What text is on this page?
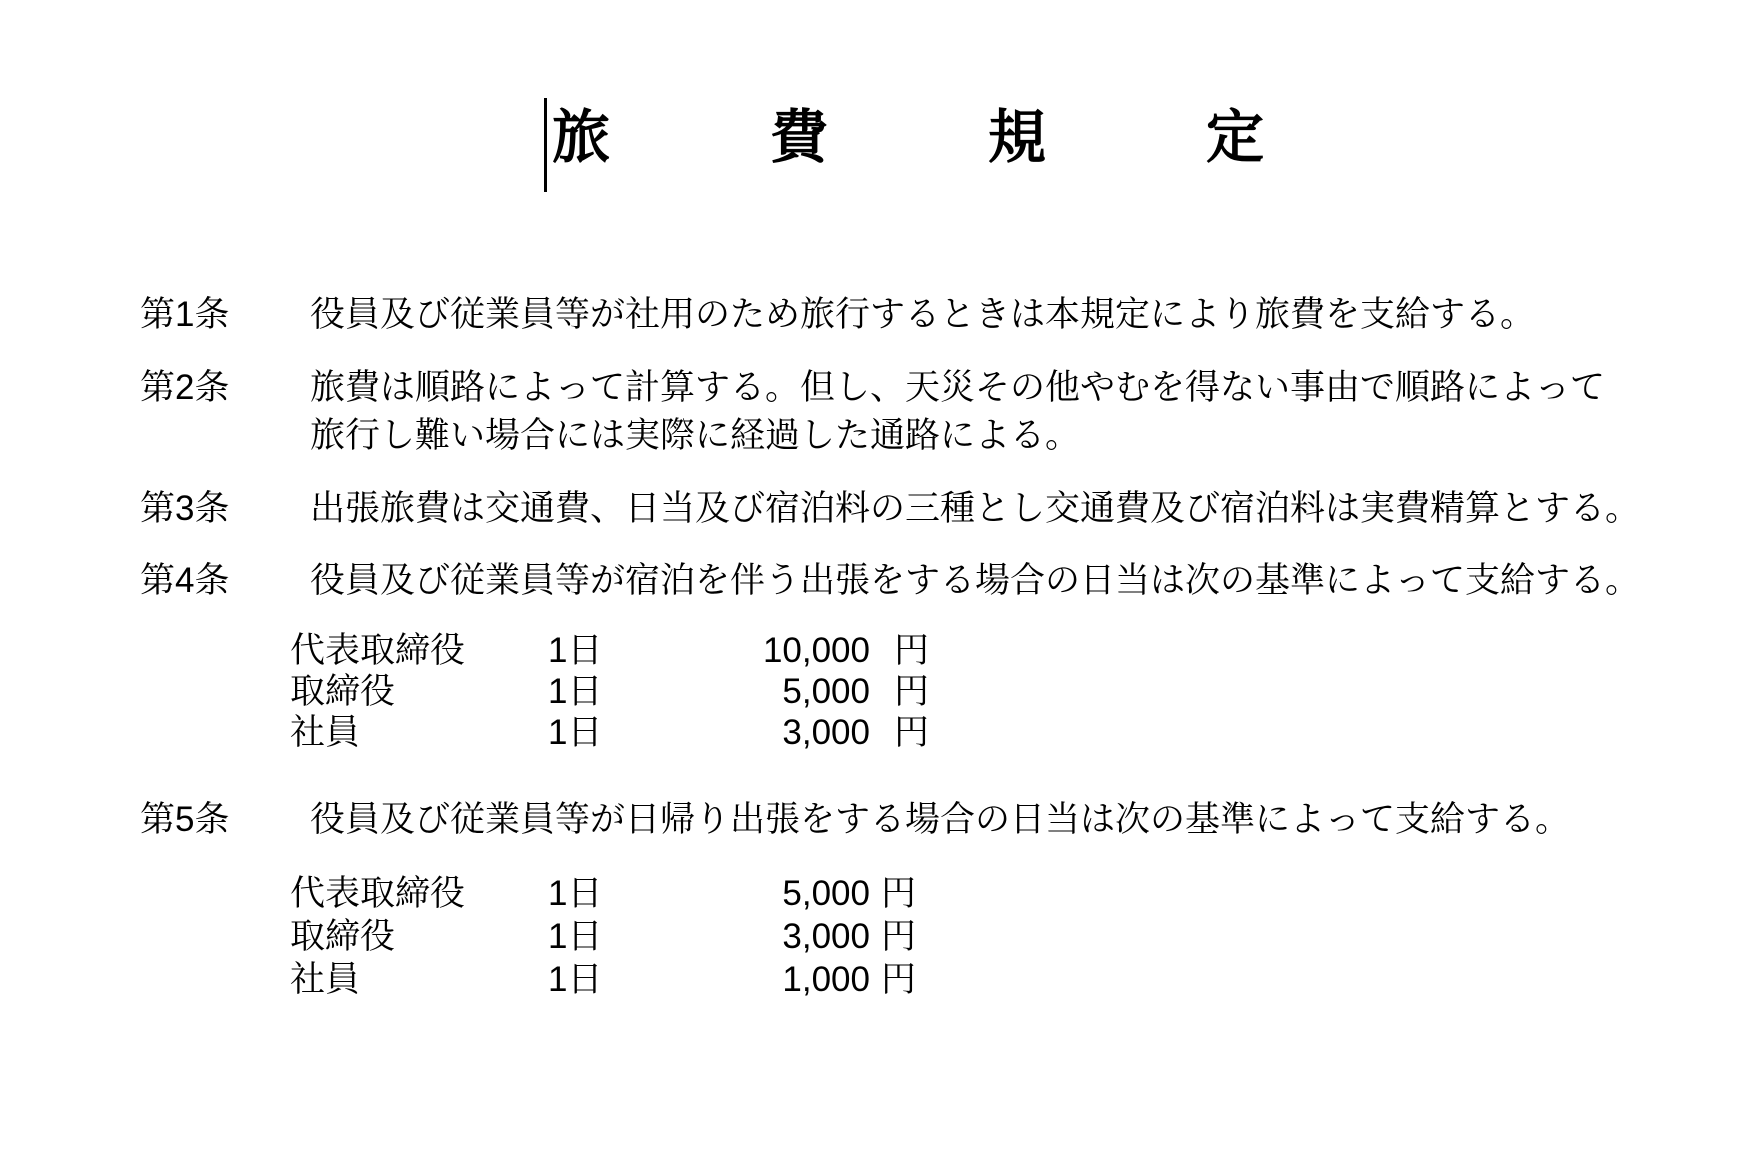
旅費規定
第1条 役員及び従業員等が社用のため旅行するときは本規定により旅費を支給する。
第2条 旅費は順路によって計算する。但し、天災その他やむを得ない事由で順路によって
旅行し難い場合には実際に経過した通路による。
第3条 出張旅費は交通費、日当及び宿泊料の三種とし交通費及び宿泊料は実費精算とする。
第4条 役員及び従業員等が宿泊を伴う出張をする場合の日当は次の基準によって支給する。
代表取締役	1日	10,000 円
取締役	1日	5,000 円
社員	1日	3,000 円
第5条 役員及び従業員等が日帰り出張をする場合の日当は次の基準によって支給する。
代表取締役	1日	5,000 円
取締役	1日	3,000 円
社員	1日	1,000 円
